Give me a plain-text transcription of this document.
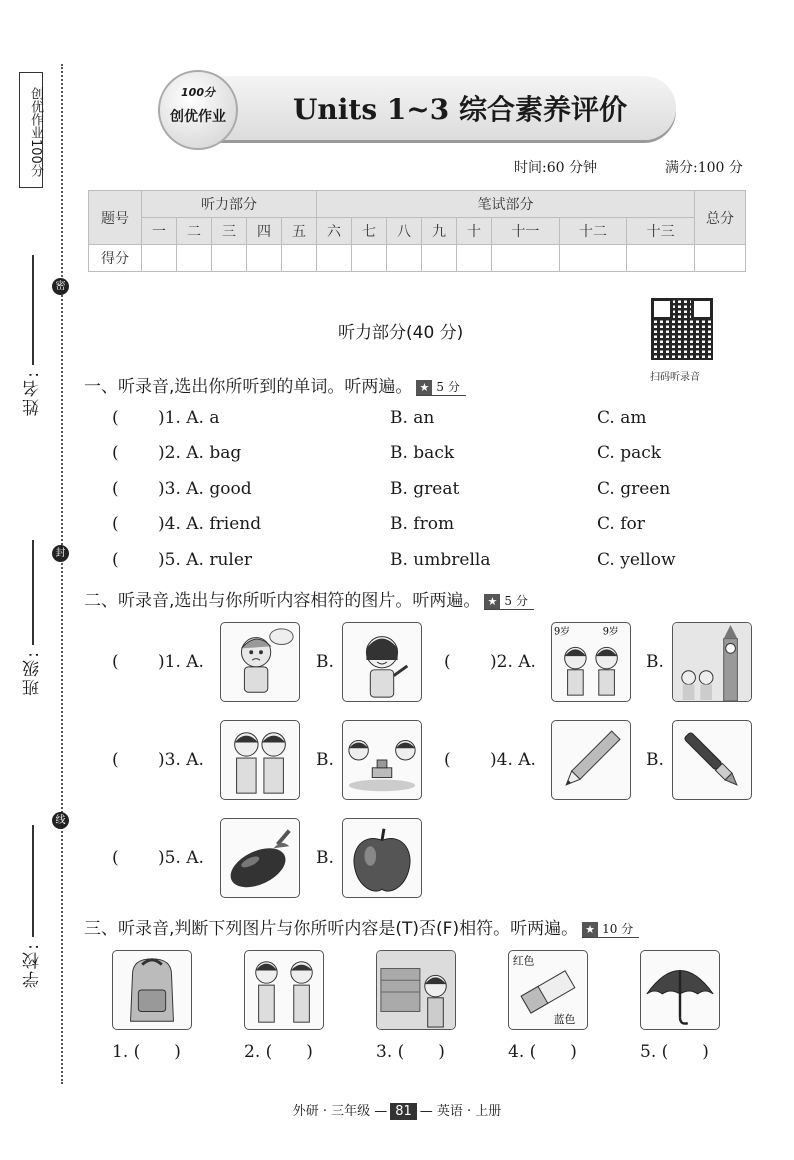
创优作业100分
密
封
线
姓名:
班级:
学校:
100分
创优作业	Units 1~3 综合素养评价
时间:60 分钟	满分:100 分
题号	听力部分					笔试部分								总分
	一	二	三	四	五	六	七	八	九	十	十一	十二	十三	
得分														
听力部分(40 分)
扫码听录音
一、听录音,选出你所听到的单词。听两遍。 ★ 5 分
( )1. A. a	B. an	C. am
( )2. A. bag	B. back	C. pack
( )3. A. good	B. great	C. green
( )4. A. friend	B. from	C. for
( )5. A. ruler	B. umbrella	C. yellow
二、听录音,选出与你所听内容相符的图片。听两遍。 ★ 5 分
( )1. A.	B.	( )2. A.
9岁	9岁
B.
( )3. A.	B.	( )4. A.	B.
( )5. A.	B.
三、听录音,判断下列图片与你所听内容是(T)否(F)相符。听两遍。 ★ 10 分
红色
蓝色
1. ( )	2. ( )	3. ( )	4. ( )	5. ( )
外研 · 三年级 — 81 — 英语 · 上册
